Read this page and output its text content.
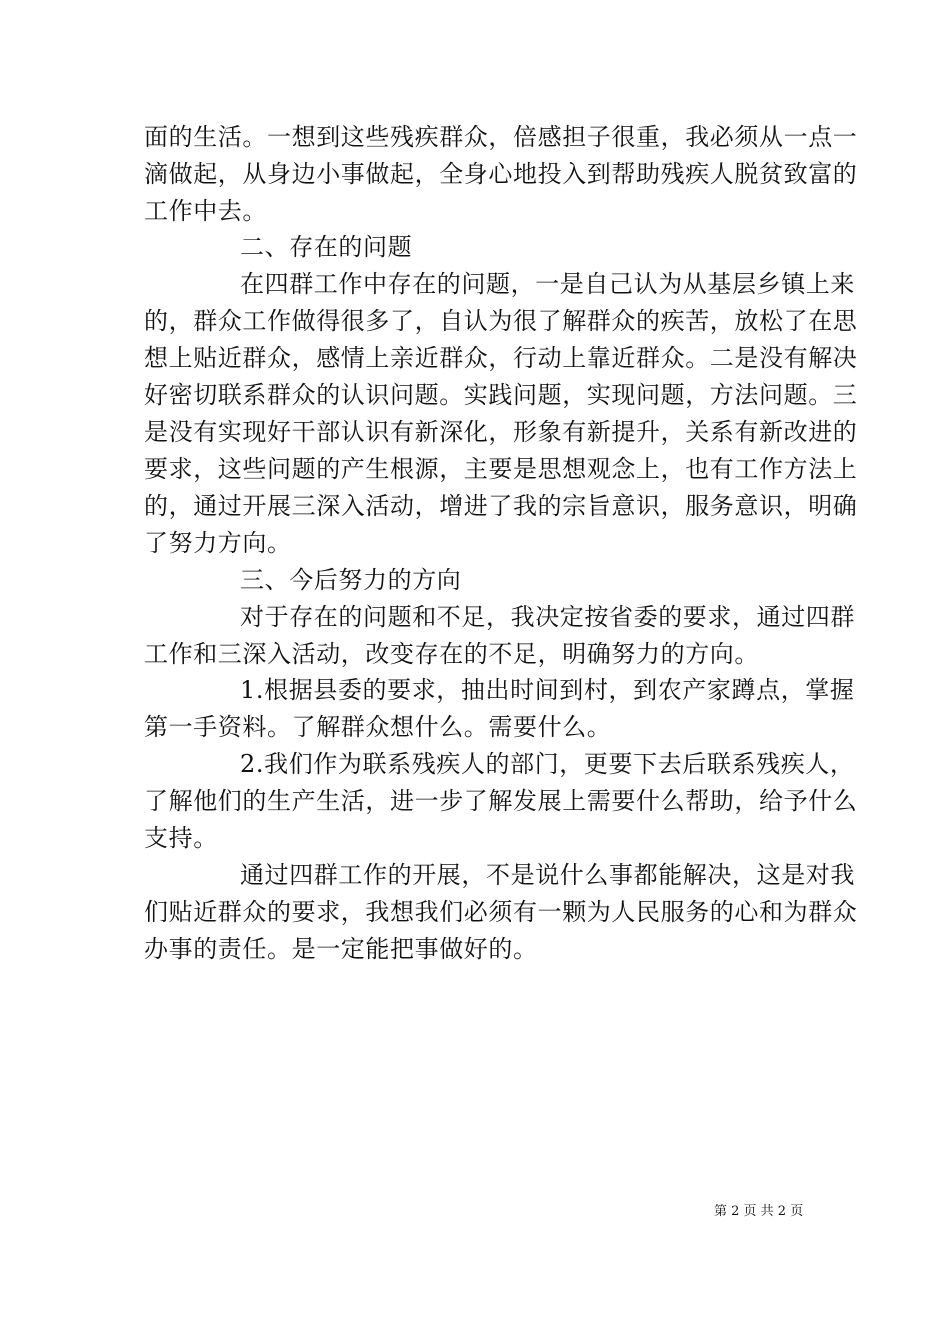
面的生活。一想到这些残疾群众，倍感担子很重，我必须从一点一
滴做起，从身边小事做起，全身心地投入到帮助残疾人脱贫致富的
工作中去。
二、存在的问题
在四群工作中存在的问题，一是自己认为从基层乡镇上来
的，群众工作做得很多了，自认为很了解群众的疾苦，放松了在思
想上贴近群众，感情上亲近群众，行动上靠近群众。二是没有解决
好密切联系群众的认识问题。实践问题，实现问题，方法问题。三
是没有实现好干部认识有新深化，形象有新提升，关系有新改进的
要求，这些问题的产生根源，主要是思想观念上，也有工作方法上
的，通过开展三深入活动，增进了我的宗旨意识，服务意识，明确
了努力方向。
三、今后努力的方向
对于存在的问题和不足，我决定按省委的要求，通过四群
工作和三深入活动，改变存在的不足，明确努力的方向。
1.根据县委的要求，抽出时间到村，到农产家蹲点，掌握
第一手资料。了解群众想什么。需要什么。
2.我们作为联系残疾人的部门，更要下去后联系残疾人，
了解他们的生产生活，进一步了解发展上需要什么帮助，给予什么
支持。
通过四群工作的开展，不是说什么事都能解决，这是对我
们贴近群众的要求，我想我们必须有一颗为人民服务的心和为群众
办事的责任。是一定能把事做好的。
第 2 页 共 2 页
